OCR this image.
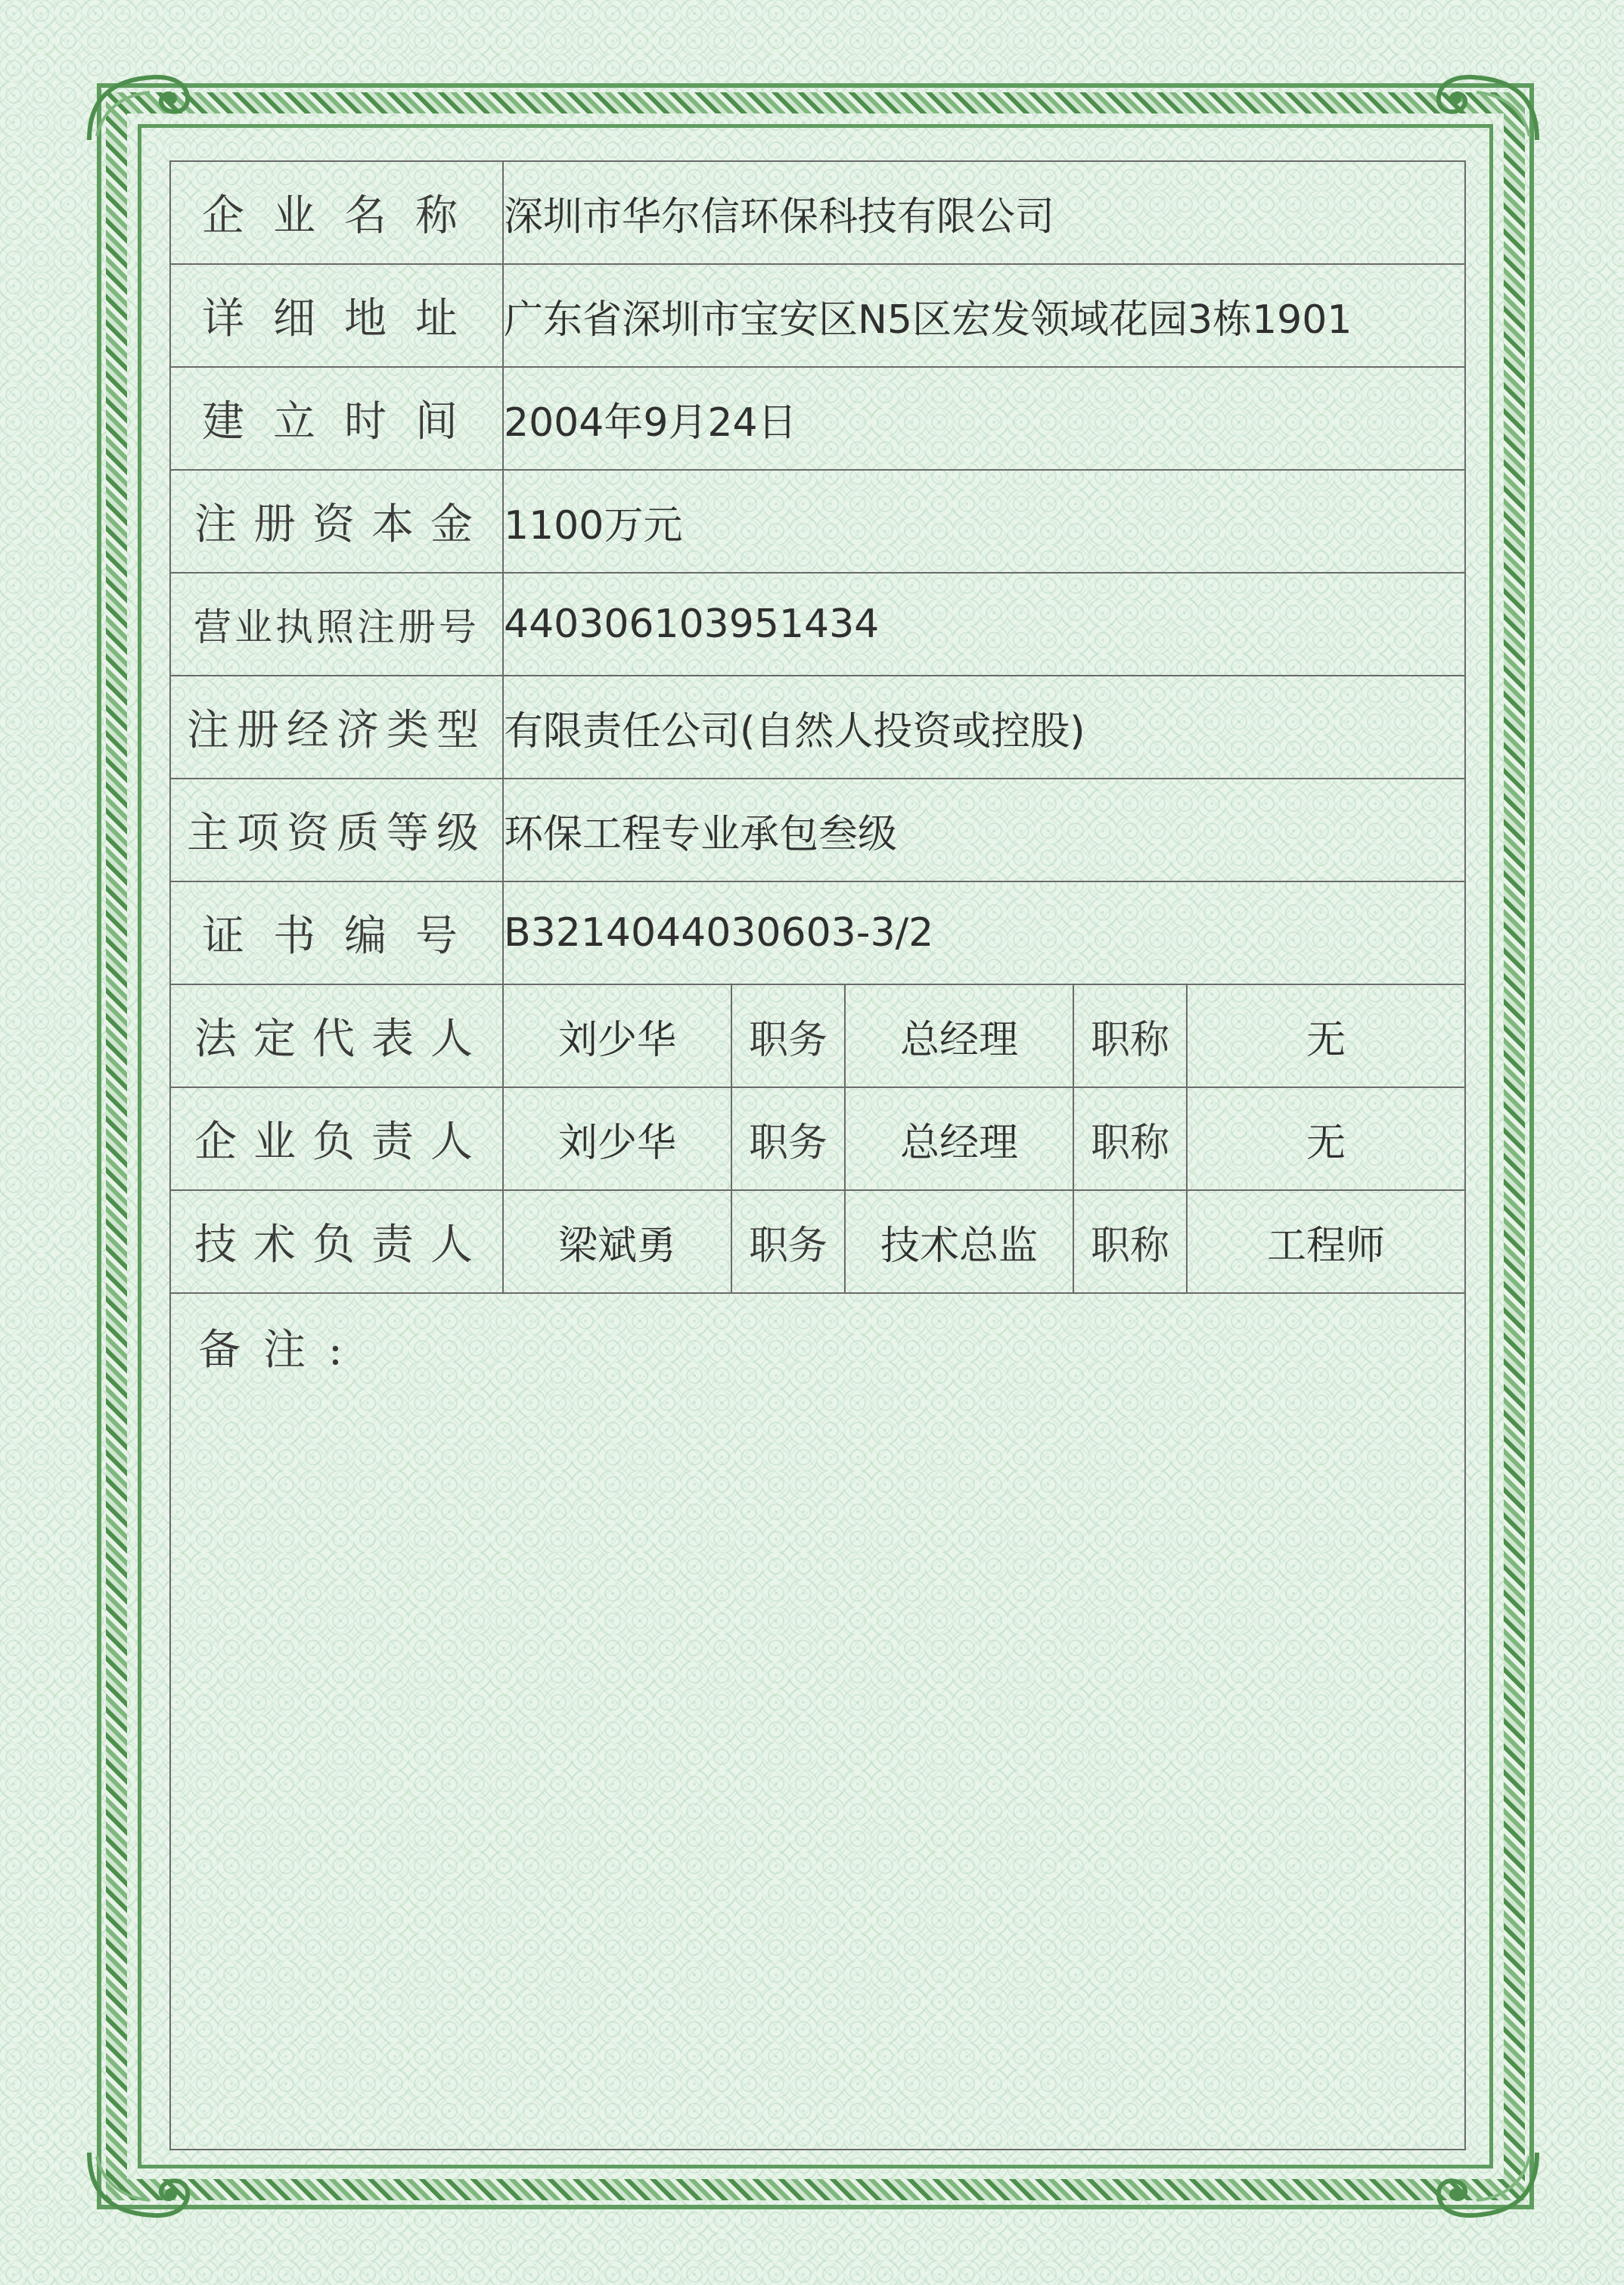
企业名称	深圳市华尔信环保科技有限公司				
详细地址	广东省深圳市宝安区N5区宏发领域花园3栋1901				
建立时间	2004年9月24日				
注册资本金	1100万元				
营业执照注册号	440306103951434				
注册经济类型	有限责任公司(自然人投资或控股)				
主项资质等级	环保工程专业承包叁级				
证书编号	B3214044030603-3/2				
法定代表人	刘少华	职务	总经理	职称	无
企业负责人	刘少华	职务	总经理	职称	无
技术负责人	梁斌勇	职务	技术总监	职称	工程师

备注:					
